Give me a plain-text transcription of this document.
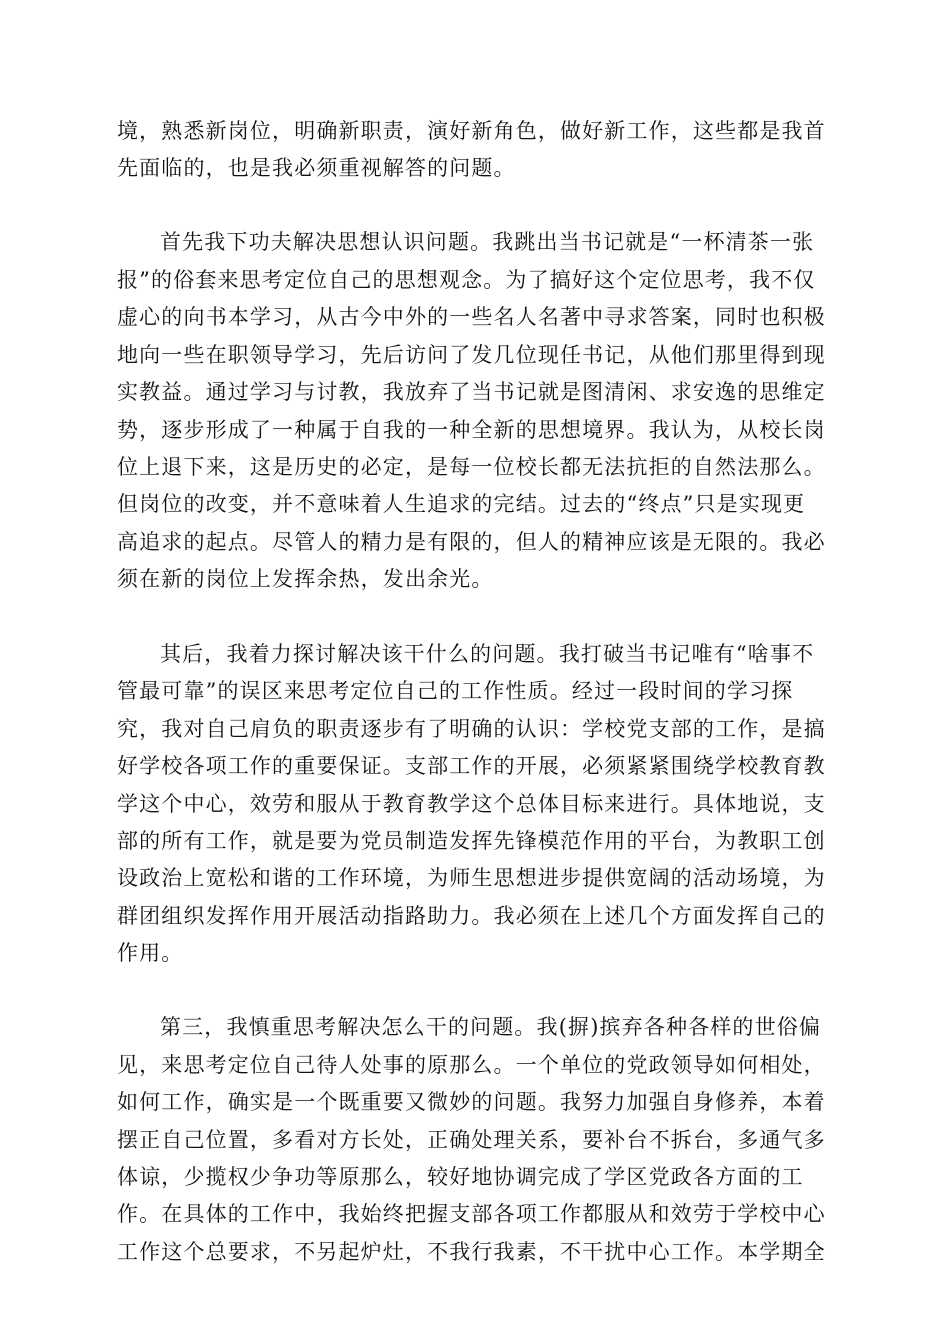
境，熟悉新岗位，明确新职责，演好新角色，做好新工作，这些都是我首
先面临的，也是我必须重视解答的问题。
首先我下功夫解决思想认识问题。我跳出当书记就是“一杯清茶一张
报”的俗套来思考定位自己的思想观念。为了搞好这个定位思考，我不仅
虚心的向书本学习，从古今中外的一些名人名著中寻求答案，同时也积极
地向一些在职领导学习，先后访问了发几位现任书记，从他们那里得到现
实教益。通过学习与讨教，我放弃了当书记就是图清闲、求安逸的思维定
势，逐步形成了一种属于自我的一种全新的思想境界。我认为，从校长岗
位上退下来，这是历史的必定，是每一位校长都无法抗拒的自然法那么。
但岗位的改变，并不意味着人生追求的完结。过去的“终点”只是实现更
高追求的起点。尽管人的精力是有限的，但人的精神应该是无限的。我必
须在新的岗位上发挥余热，发出余光。
其后，我着力探讨解决该干什么的问题。我打破当书记唯有“啥事不
管最可靠”的误区来思考定位自己的工作性质。经过一段时间的学习探
究，我对自己肩负的职责逐步有了明确的认识：学校党支部的工作，是搞
好学校各项工作的重要保证。支部工作的开展，必须紧紧围绕学校教育教
学这个中心，效劳和服从于教育教学这个总体目标来进行。具体地说，支
部的所有工作，就是要为党员制造发挥先锋模范作用的平台，为教职工创
设政治上宽松和谐的工作环境，为师生思想进步提供宽阔的活动场境，为
群团组织发挥作用开展活动指路助力。我必须在上述几个方面发挥自己的
作用。
第三，我慎重思考解决怎么干的问题。我(摒)摈弃各种各样的世俗偏
见，来思考定位自己待人处事的原那么。一个单位的党政领导如何相处，
如何工作，确实是一个既重要又微妙的问题。我努力加强自身修养，本着
摆正自己位置，多看对方长处，正确处理关系，要补台不拆台，多通气多
体谅，少揽权少争功等原那么，较好地协调完成了学区党政各方面的工
作。在具体的工作中，我始终把握支部各项工作都服从和效劳于学校中心
工作这个总要求，不另起炉灶，不我行我素，不干扰中心工作。本学期全
